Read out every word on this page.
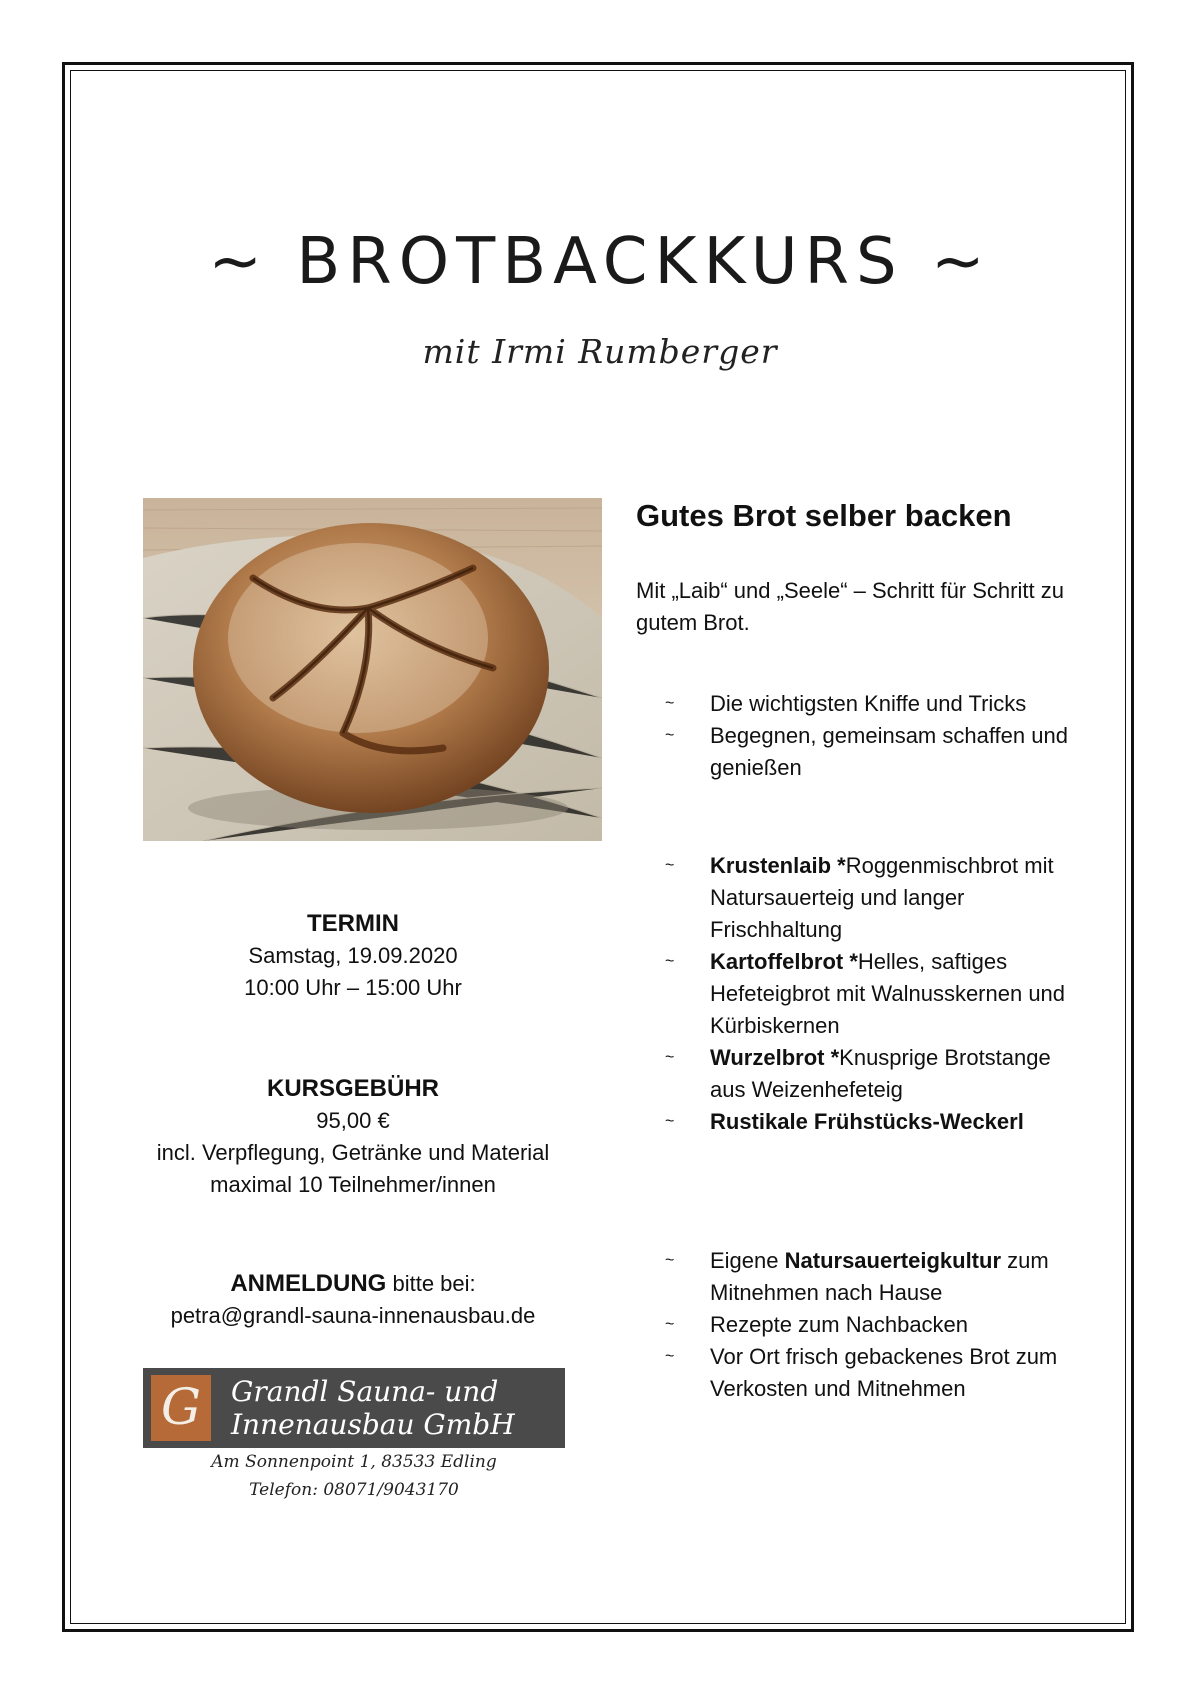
~ BROTBACKKURS ~
mit Irmi Rumberger
TERMIN
Samstag, 19.09.2020
10:00 Uhr – 15:00 Uhr
KURSGEBÜHR
95,00 €
incl. Verpflegung, Getränke und Material
maximal 10 Teilnehmer/innen
ANMELDUNG bitte bei:
petra@grandl-sauna-innenausbau.de
G	Grandl Sauna- und
Innenausbau GmbH
Am Sonnenpoint 1, 83533 Edling
Telefon: 08071/9043170
Gutes Brot selber backen
Mit „Laib“ und „Seele“ – Schritt für Schritt zu gutem Brot.
~ Die wichtigsten Kniffe und Tricks
~ Begegnen, gemeinsam schaffen und genießen
~ Krustenlaib *Roggenmischbrot mit Natursauerteig und langer Frischhaltung
~ Kartoffelbrot *Helles, saftiges Hefeteigbrot mit Walnusskernen und Kürbiskernen
~ Wurzelbrot *Knusprige Brotstange aus Weizenhefeteig
~ Rustikale Frühstücks-Weckerl
~ Eigene Natursauerteigkultur zum Mitnehmen nach Hause
~ Rezepte zum Nachbacken
~ Vor Ort frisch gebackenes Brot zum Verkosten und Mitnehmen
